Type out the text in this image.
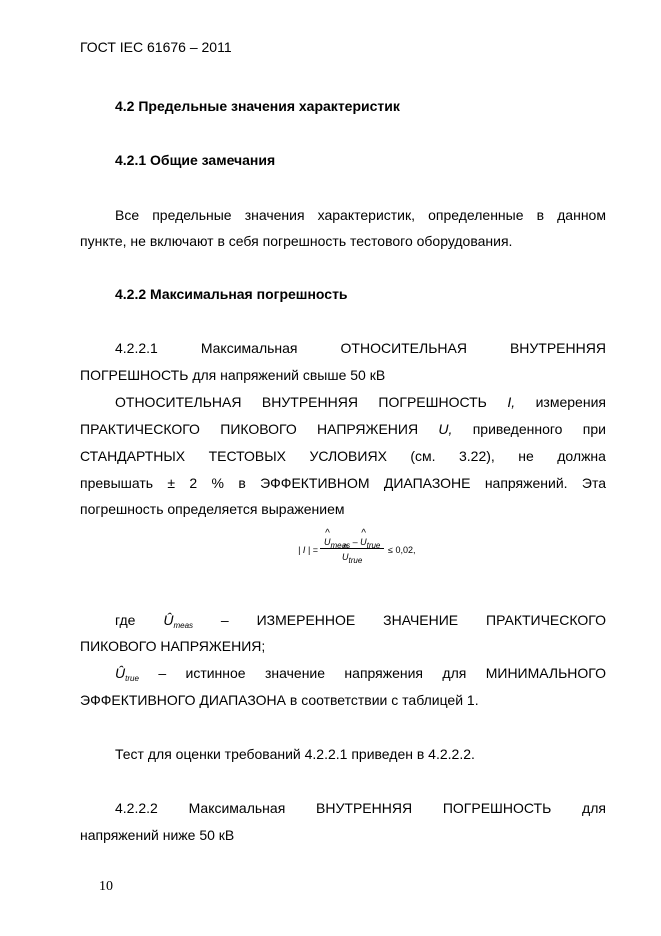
ГОСТ IEC 61676 – 2011
4.2 Предельные значения характеристик
4.2.1 Общие замечания
Все предельные значения характеристик, определенные в данном
пункте, не включают в себя погрешность тестового оборудования.
4.2.2 Максимальная погрешность
4.2.2.1	Максимальная	ОТНОСИТЕЛЬНАЯ	ВНУТРЕННЯЯ
ПОГРЕШНОСТЬ для напряжений свыше 50 кВ
ОТНОСИТЕЛЬНАЯ ВНУТРЕННЯЯ ПОГРЕШНОСТЬ I, измерения
ПРАКТИЧЕСКОГО ПИКОВОГО НАПРЯЖЕНИЯ U, приведенного при
СТАНДАРТНЫХ ТЕСТОВЫХ УСЛОВИЯХ (см. 3.22), не должна
превышать ± 2 % в ЭФФЕКТИВНОМ ДИАПАЗОНЕ напряжений. Эта
погрешность определяется выражением
| I | =
^ Umeas – ^ Utrue
^ Utrue
≤ 0,02,
где Ûmeas – ИЗМЕРЕННОЕ ЗНАЧЕНИЕ ПРАКТИЧЕСКОГО
ПИКОВОГО НАПРЯЖЕНИЯ;
Ûtrue – истинное значение напряжения для МИНИМАЛЬНОГО
ЭФФЕКТИВНОГО ДИАПАЗОНА в соответствии с таблицей 1.
Тест для оценки требований 4.2.2.1 приведен в 4.2.2.2.
4.2.2.2 Максимальная ВНУТРЕННЯЯ ПОГРЕШНОСТЬ для
напряжений ниже 50 кВ
10
